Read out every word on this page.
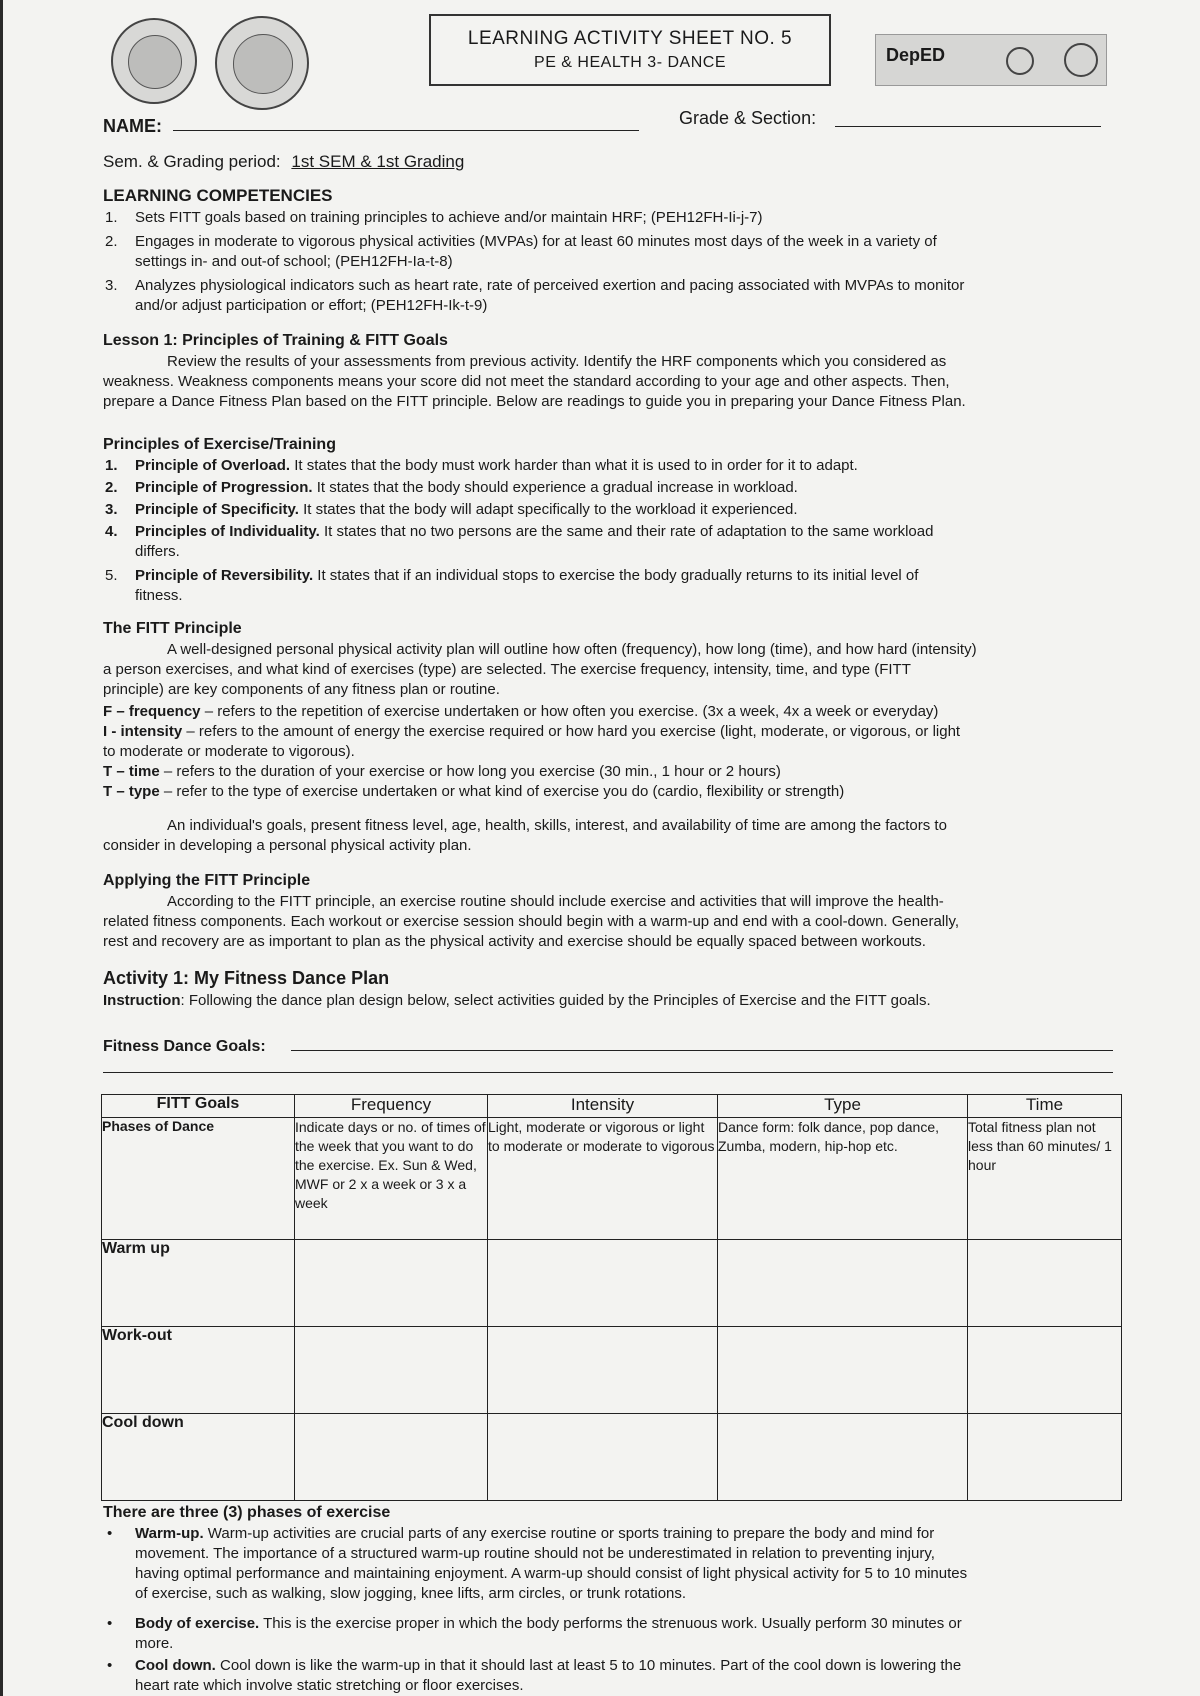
LEARNING ACTIVITY SHEET NO. 5
PE & HEALTH 3- DANCE	DepED
NAME:	Grade & Section:
Sem. & Grading period: 1st SEM & 1st Grading
LEARNING COMPETENCIES
1. Sets FITT goals based on training principles to achieve and/or maintain HRF; (PEH12FH-Ii-j-7)
2. Engages in moderate to vigorous physical activities (MVPAs) for at least 60 minutes most days of the week in a variety of
settings in- and out-of school; (PEH12FH-Ia-t-8)
3. Analyzes physiological indicators such as heart rate, rate of perceived exertion and pacing associated with MVPAs to monitor
and/or adjust participation or effort; (PEH12FH-Ik-t-9)
Lesson 1: Principles of Training & FITT Goals
Review the results of your assessments from previous activity. Identify the HRF components which you considered as
weakness. Weakness components means your score did not meet the standard according to your age and other aspects. Then,
prepare a Dance Fitness Plan based on the FITT principle. Below are readings to guide you in preparing your Dance Fitness Plan.
Principles of Exercise/Training
1. Principle of Overload. It states that the body must work harder than what it is used to in order for it to adapt.
2. Principle of Progression. It states that the body should experience a gradual increase in workload.
3. Principle of Specificity. It states that the body will adapt specifically to the workload it experienced.
4. Principles of Individuality. It states that no two persons are the same and their rate of adaptation to the same workload
differs.
5. Principle of Reversibility. It states that if an individual stops to exercise the body gradually returns to its initial level of
fitness.
The FITT Principle
A well-designed personal physical activity plan will outline how often (frequency), how long (time), and how hard (intensity)
a person exercises, and what kind of exercises (type) are selected. The exercise frequency, intensity, time, and type (FITT
principle) are key components of any fitness plan or routine.
F – frequency – refers to the repetition of exercise undertaken or how often you exercise. (3x a week, 4x a week or everyday)
I - intensity – refers to the amount of energy the exercise required or how hard you exercise (light, moderate, or vigorous, or light
to moderate or moderate to vigorous).
T – time – refers to the duration of your exercise or how long you exercise (30 min., 1 hour or 2 hours)
T – type – refer to the type of exercise undertaken or what kind of exercise you do (cardio, flexibility or strength)
An individual's goals, present fitness level, age, health, skills, interest, and availability of time are among the factors to
consider in developing a personal physical activity plan.
Applying the FITT Principle
According to the FITT principle, an exercise routine should include exercise and activities that will improve the health-
related fitness components. Each workout or exercise session should begin with a warm-up and end with a cool-down. Generally,
rest and recovery are as important to plan as the physical activity and exercise should be equally spaced between workouts.
Activity 1: My Fitness Dance Plan
Instruction: Following the dance plan design below, select activities guided by the Principles of Exercise and the FITT goals.
Fitness Dance Goals:
FITT Goals	Frequency	Intensity	Type	Time
Phases of Dance	Indicate days or no. of times of the week that you want to do the exercise. Ex. Sun & Wed, MWF or 2 x a week or 3 x a week	Light, moderate or vigorous or light to moderate or moderate to vigorous	Dance form: folk dance, pop dance, Zumba, modern, hip-hop etc.	Total fitness plan not less than 60 minutes/ 1 hour
Warm up				
Work-out				
Cool down				
There are three (3) phases of exercise
• Warm-up. Warm-up activities are crucial parts of any exercise routine or sports training to prepare the body and mind for
movement. The importance of a structured warm-up routine should not be underestimated in relation to preventing injury,
having optimal performance and maintaining enjoyment. A warm-up should consist of light physical activity for 5 to 10 minutes
of exercise, such as walking, slow jogging, knee lifts, arm circles, or trunk rotations.
• Body of exercise. This is the exercise proper in which the body performs the strenuous work. Usually perform 30 minutes or
more.
• Cool down. Cool down is like the warm-up in that it should last at least 5 to 10 minutes. Part of the cool down is lowering the
heart rate which involve static stretching or floor exercises.
